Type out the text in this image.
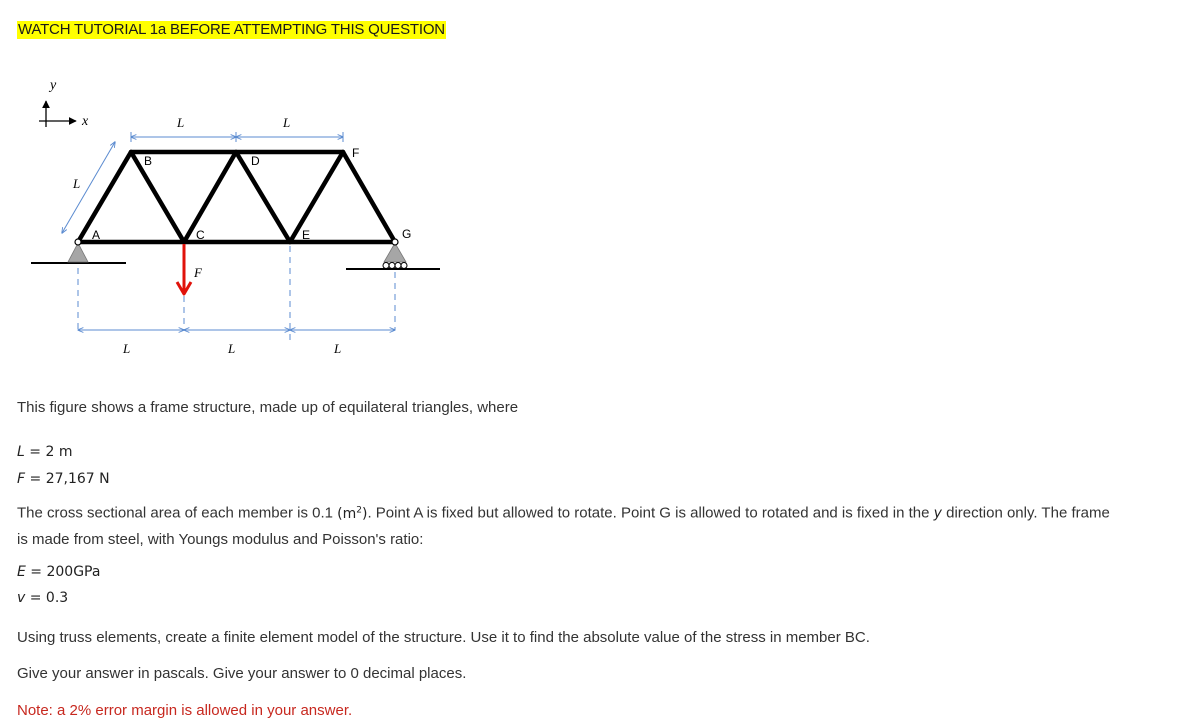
WATCH TUTORIAL 1a BEFORE ATTEMPTING THIS QUESTION
y
x	L	L
L
A
B
C
D
E
F
G
F
L	L	L
This figure shows a frame structure, made up of equilateral triangles, where
L = 2 m
F = 27,167 N
The cross sectional area of each member is 0.1 $(m^2)$. Point A is fixed but allowed to rotate. Point G is allowed to rotated and is fixed in the y direction only. The frame
is made from steel, with Youngs modulus and Poisson's ratio:
E = 200GPa
v = 0.3
Using truss elements, create a finite element model of the structure. Use it to find the absolute value of the stress in member BC.
Give your answer in pascals. Give your answer to 0 decimal places.
Note: a 2% error margin is allowed in your answer.
